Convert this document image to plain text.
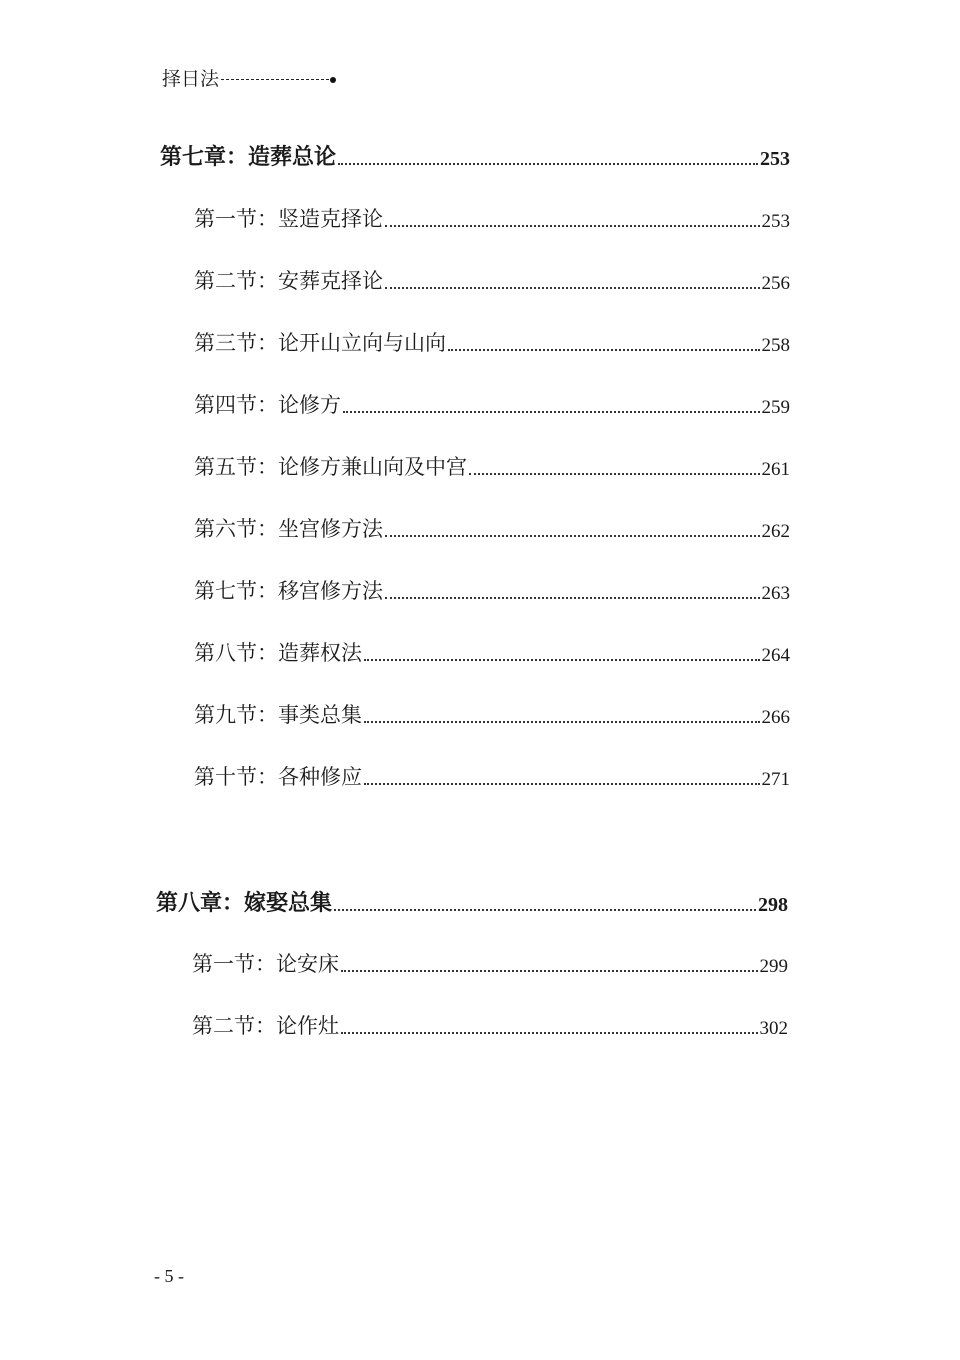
择日法
第七章：造葬总论	253
第一节：竖造克择论	253
第二节：安葬克择论	256
第三节：论开山立向与山向	258
第四节：论修方	259
第五节：论修方兼山向及中宫	261
第六节：坐宫修方法	262
第七节：移宫修方法	263
第八节：造葬权法	264
第九节：事类总集	266
第十节：各种修应	271
第八章：嫁娶总集	298
第一节：论安床	299
第二节：论作灶	302
- 5 -
